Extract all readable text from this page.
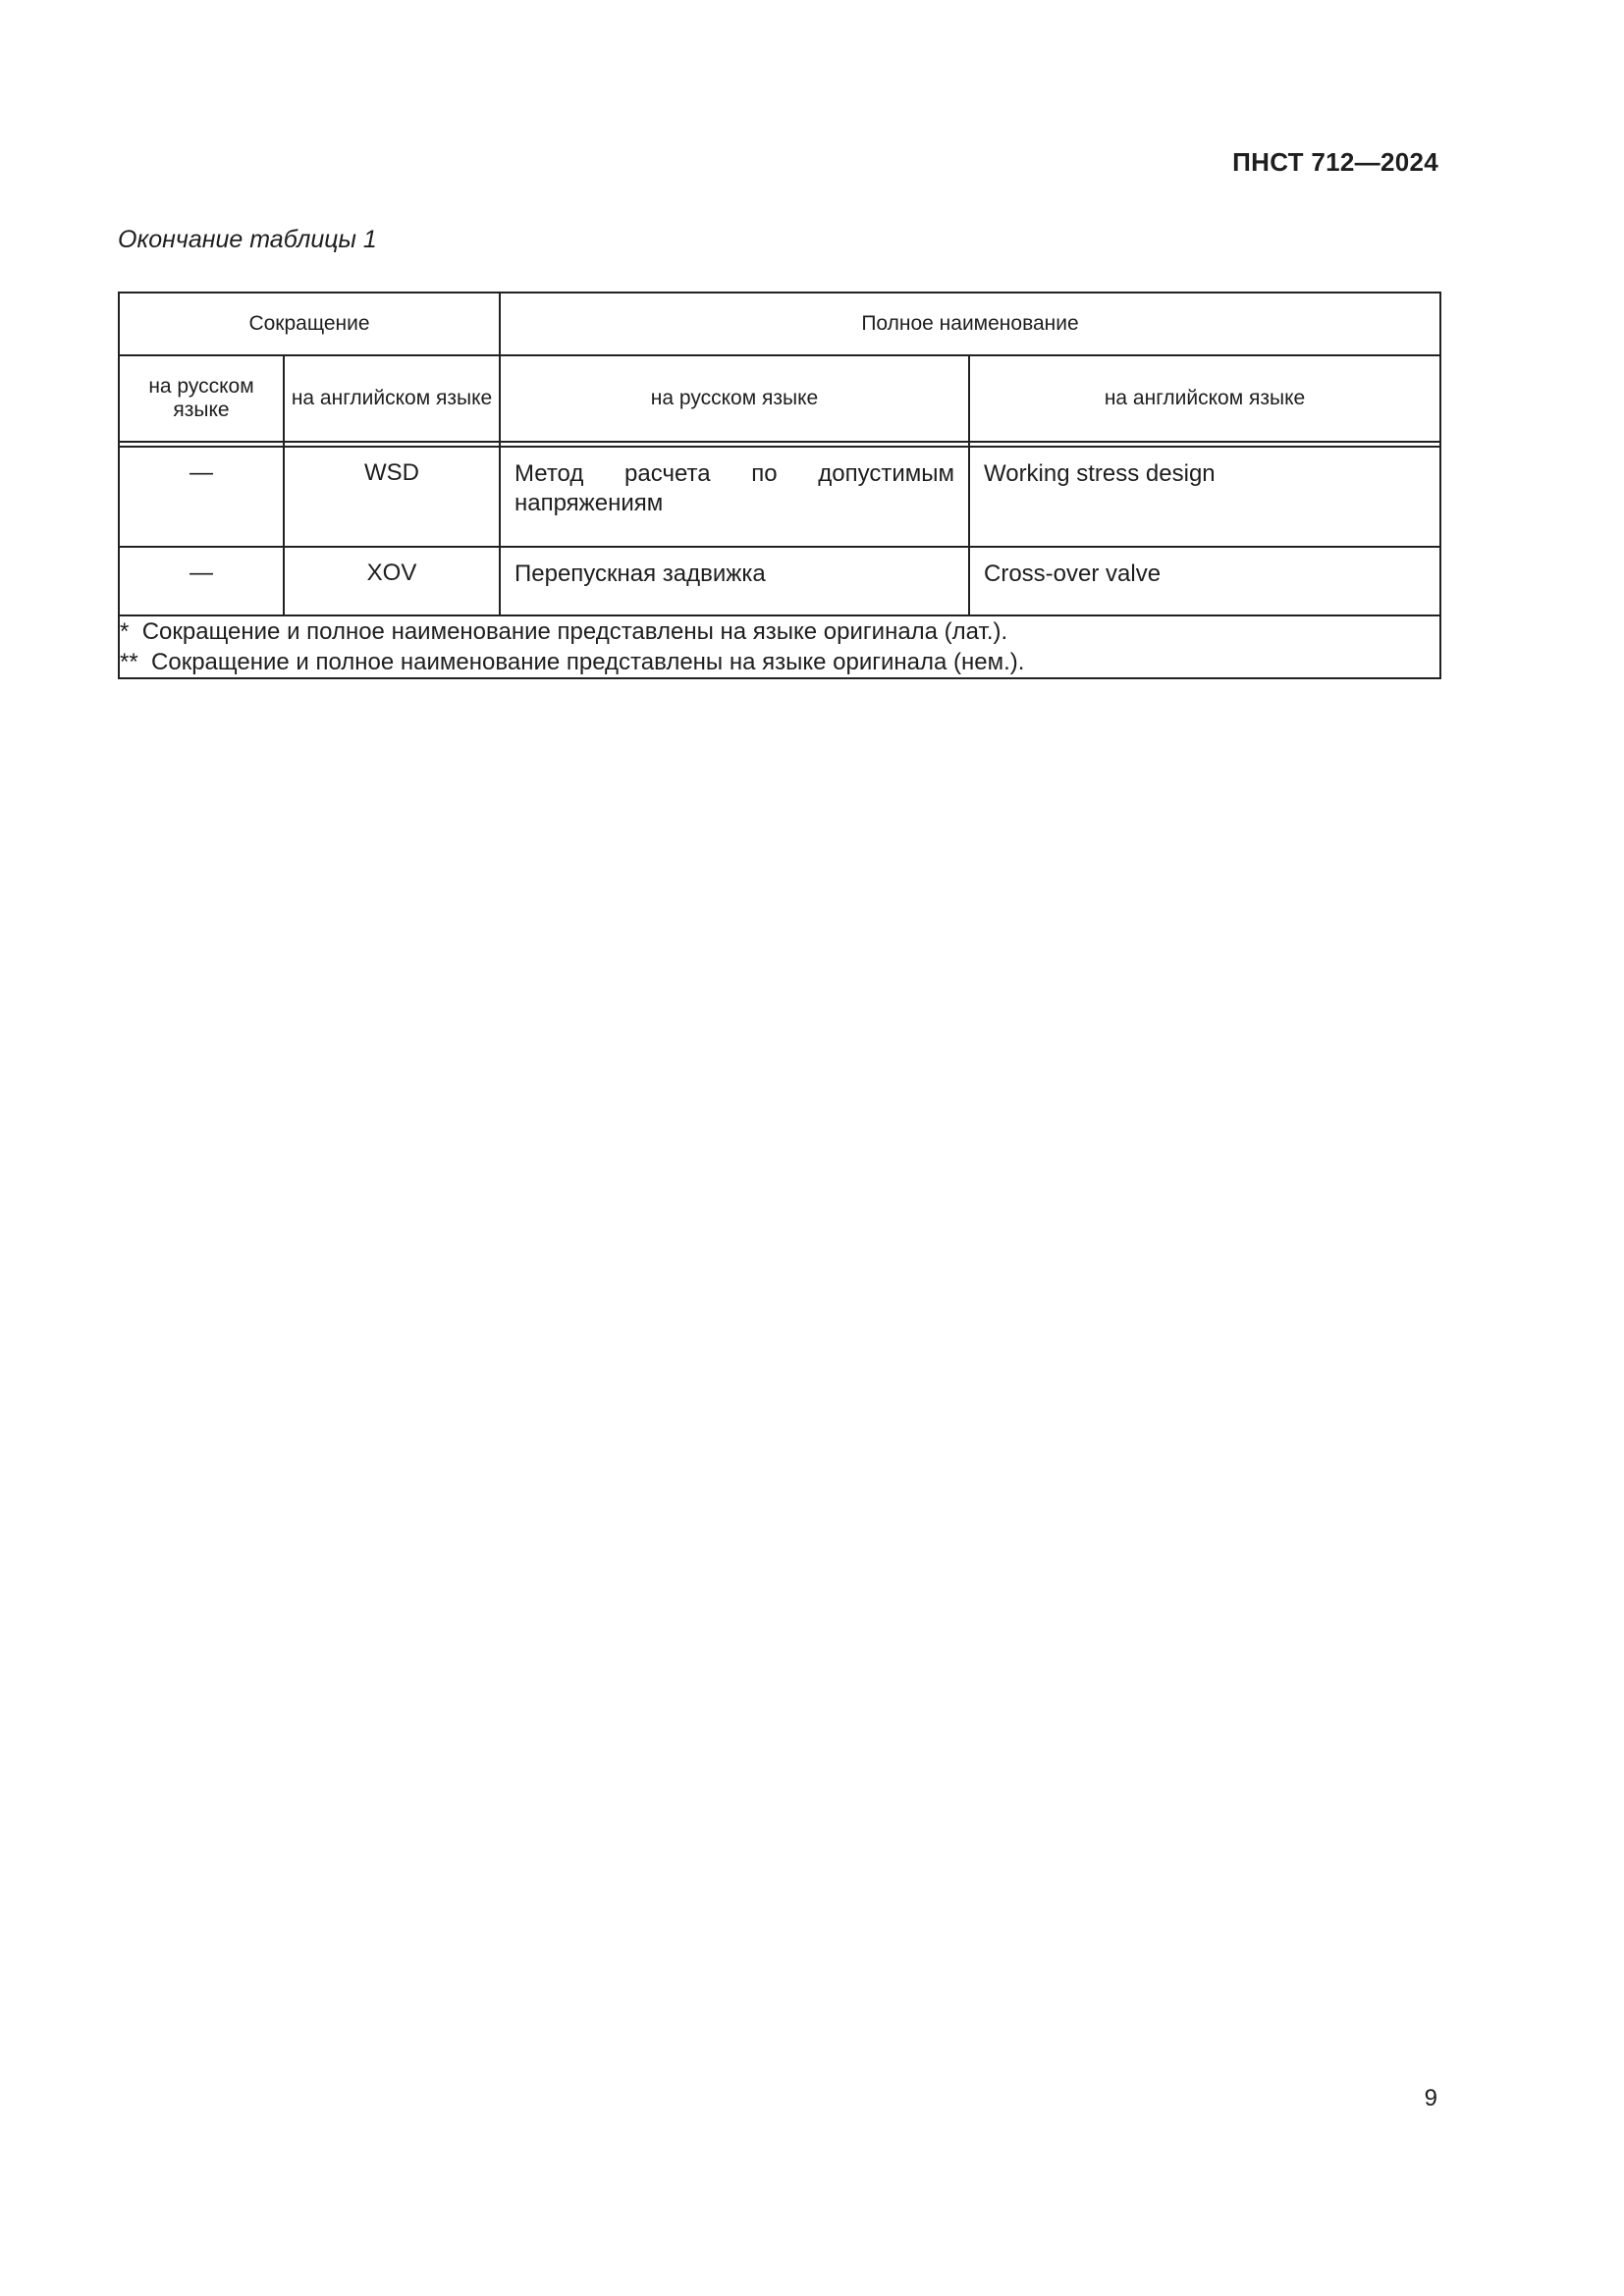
ПНСТ 712—2024
Окончание таблицы 1
Сокращение		Полное наименование	
на русском языке	на английском языке	на русском языке	на английском языке

—	WSD	Метод расчета по допустимым напряжениям	Working stress design
—	XOV	Перепускная задвижка	Cross-over valve

* Сокращение и полное наименование представлены на языке оригинала (лат.).
** Сокращение и полное наименование представлены на языке оригинала (нем.).			
9
